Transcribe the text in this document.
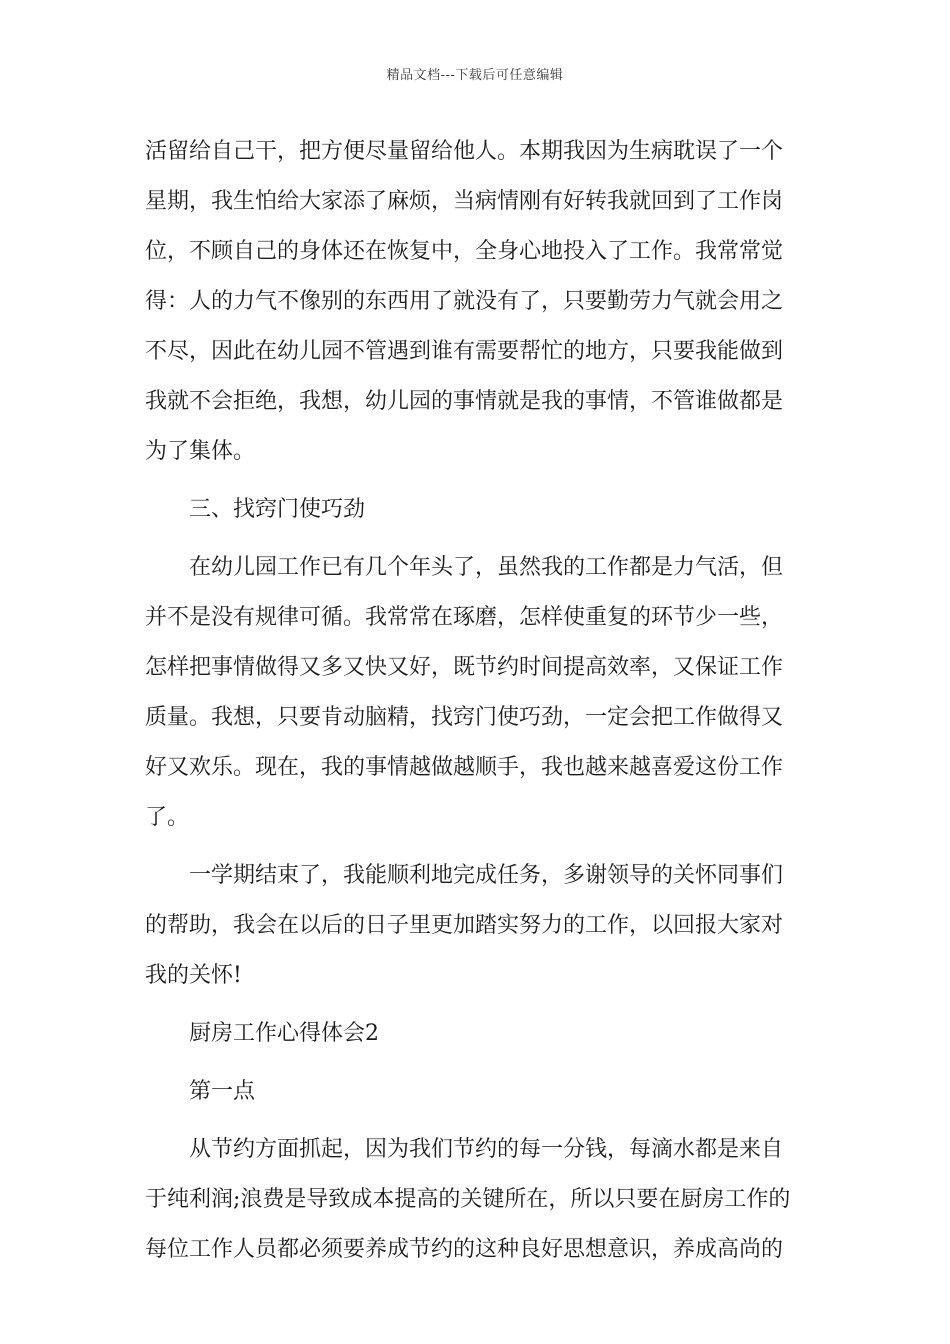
精品文档---下载后可任意编辑

活留给自己干，把方便尽量留给他人。本期我因为生病耽误了一个
星期，我生怕给大家添了麻烦，当病情刚有好转我就回到了工作岗
位，不顾自己的身体还在恢复中，全身心地投入了工作。我常常觉
得：人的力气不像别的东西用了就没有了，只要勤劳力气就会用之
不尽，因此在幼儿园不管遇到谁有需要帮忙的地方，只要我能做到
我就不会拒绝，我想，幼儿园的事情就是我的事情，不管谁做都是
为了集体。

三、找窍门使巧劲

在幼儿园工作已有几个年头了，虽然我的工作都是力气活，但
并不是没有规律可循。我常常在琢磨，怎样使重复的环节少一些，
怎样把事情做得又多又快又好，既节约时间提高效率，又保证工作
质量。我想，只要肯动脑精，找窍门使巧劲，一定会把工作做得又
好又欢乐。现在，我的事情越做越顺手，我也越来越喜爱这份工作
了。

一学期结束了，我能顺利地完成任务，多谢领导的关怀同事们
的帮助，我会在以后的日子里更加踏实努力的工作，以回报大家对
我的关怀!

厨房工作心得体会2

第一点

从节约方面抓起，因为我们节约的每一分钱，每滴水都是来自
于纯利润;浪费是导致成本提高的关键所在，所以只要在厨房工作的
每位工作人员都必须要养成节约的这种良好思想意识，养成高尚的
